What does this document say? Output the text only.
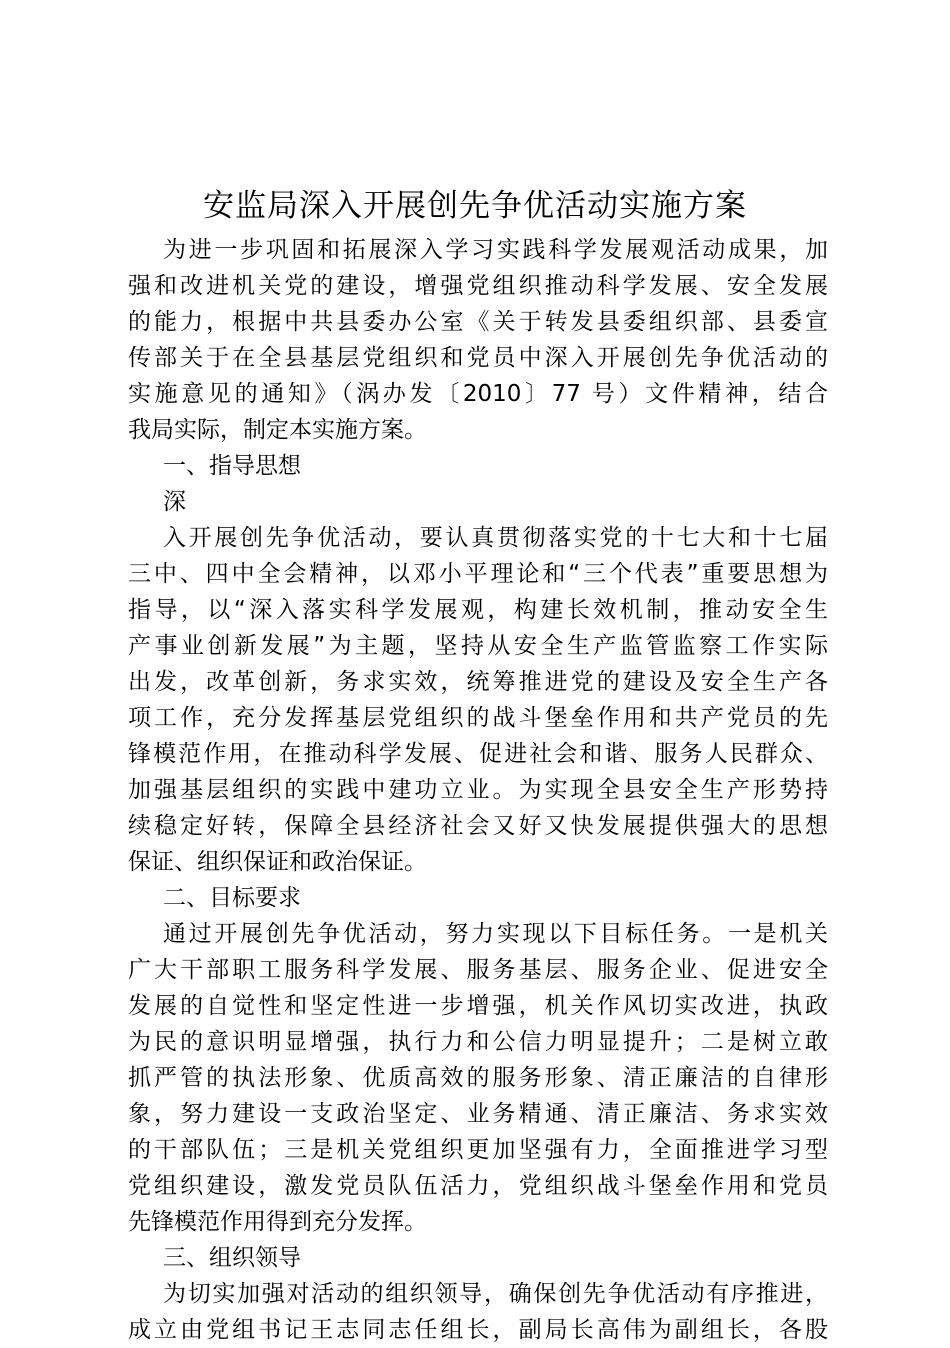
安监局深入开展创先争优活动实施方案
为进一步巩固和拓展深入学习实践科学发展观活动成果，加
强和改进机关党的建设，增强党组织推动科学发展、安全发展
的能力，根据中共县委办公室《关于转发县委组织部、县委宣
传部关于在全县基层党组织和党员中深入开展创先争优活动的
实施意见的通知》（涡办发〔2010〕77 号）文件精神，结合
我局实际，制定本实施方案。
一、指导思想
深
入开展创先争优活动，要认真贯彻落实党的十七大和十七届
三中、四中全会精神，以邓小平理论和“三个代表”重要思想为
指导，以“深入落实科学发展观，构建长效机制，推动安全生
产事业创新发展”为主题，坚持从安全生产监管监察工作实际
出发，改革创新，务求实效，统筹推进党的建设及安全生产各
项工作，充分发挥基层党组织的战斗堡垒作用和共产党员的先
锋模范作用，在推动科学发展、促进社会和谐、服务人民群众、
加强基层组织的实践中建功立业。为实现全县安全生产形势持
续稳定好转，保障全县经济社会又好又快发展提供强大的思想
保证、组织保证和政治保证。
二、目标要求
通过开展创先争优活动，努力实现以下目标任务。一是机关
广大干部职工服务科学发展、服务基层、服务企业、促进安全
发展的自觉性和坚定性进一步增强，机关作风切实改进，执政
为民的意识明显增强，执行力和公信力明显提升；二是树立敢
抓严管的执法形象、优质高效的服务形象、清正廉洁的自律形
象，努力建设一支政治坚定、业务精通、清正廉洁、务求实效
的干部队伍；三是机关党组织更加坚强有力，全面推进学习型
党组织建设，激发党员队伍活力，党组织战斗堡垒作用和党员
先锋模范作用得到充分发挥。
三、组织领导
为切实加强对活动的组织领导，确保创先争优活动有序推进，
成立由党组书记王志同志任组长，副局长高伟为副组长，各股
